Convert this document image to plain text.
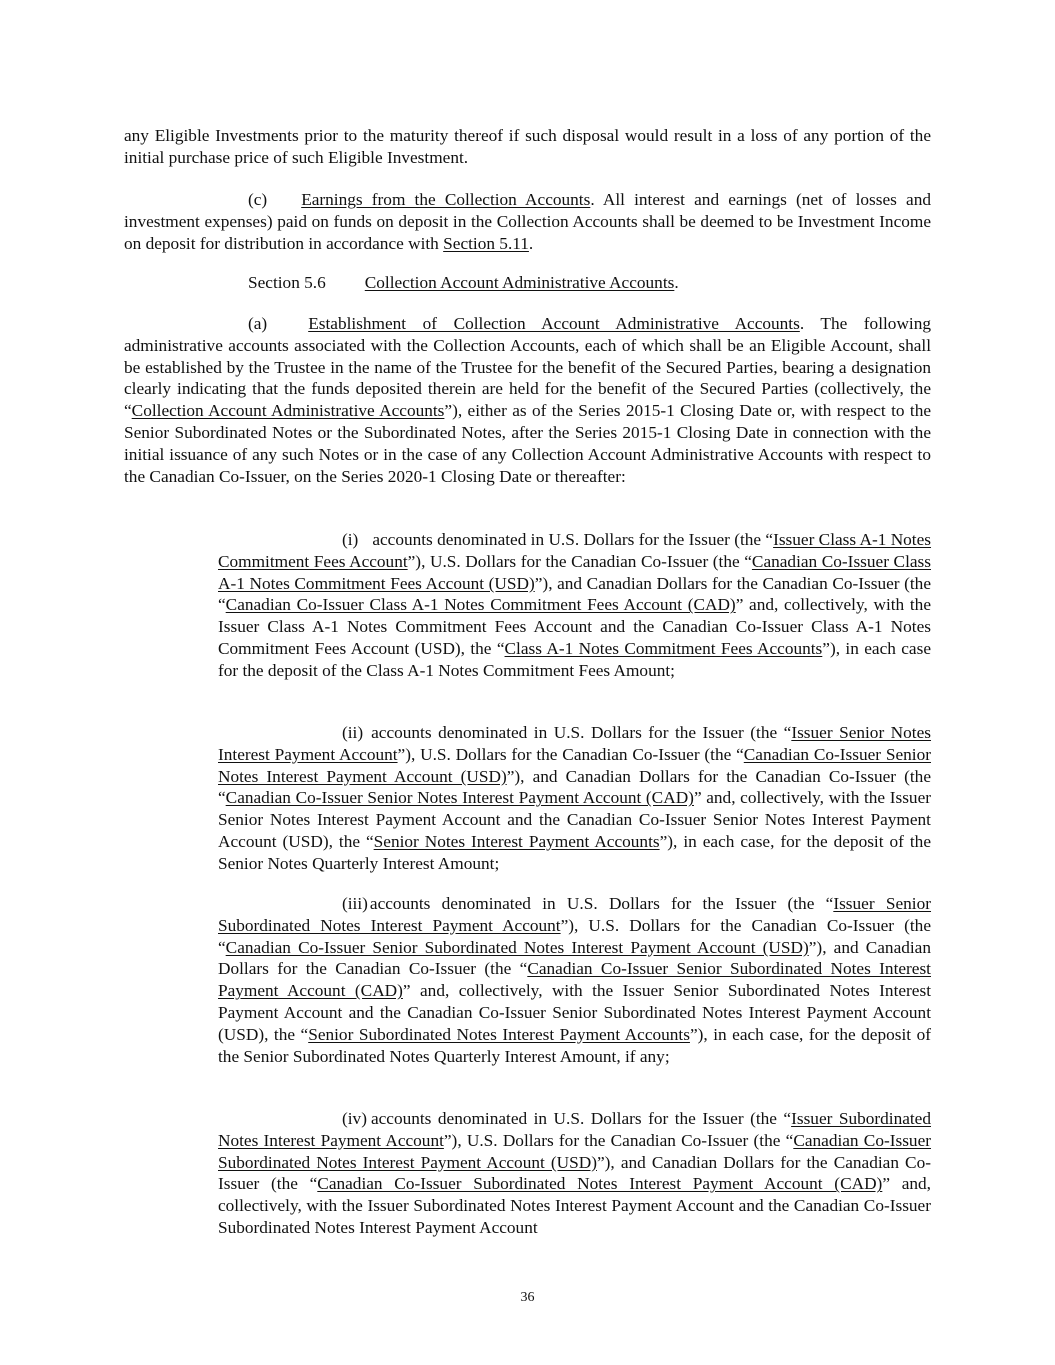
any Eligible Investments prior to the maturity thereof if such disposal would result in a loss of any portion of the initial purchase price of such Eligible Investment.

(c) Earnings from the Collection Accounts. All interest and earnings (net of losses and investment expenses) paid on funds on deposit in the Collection Accounts shall be deemed to be Investment Income on deposit for distribution in accordance with Section 5.11.

Section 5.6 Collection Account Administrative Accounts.

(a) Establishment of Collection Account Administrative Accounts. The following administrative accounts associated with the Collection Accounts, each of which shall be an Eligible Account, shall be established by the Trustee in the name of the Trustee for the benefit of the Secured Parties, bearing a designation clearly indicating that the funds deposited therein are held for the benefit of the Secured Parties (collectively, the “Collection Account Administrative Accounts”), either as of the Series 2015-1 Closing Date or, with respect to the Senior Subordinated Notes or the Subordinated Notes, after the Series 2015-1 Closing Date in connection with the initial issuance of any such Notes or in the case of any Collection Account Administrative Accounts with respect to the Canadian Co-Issuer, on the Series 2020-1 Closing Date or thereafter:

(i) accounts denominated in U.S. Dollars for the Issuer (the “Issuer Class A-1 Notes Commitment Fees Account”), U.S. Dollars for the Canadian Co-Issuer (the “Canadian Co-Issuer Class A-1 Notes Commitment Fees Account (USD)”), and Canadian Dollars for the Canadian Co-Issuer (the “Canadian Co-Issuer Class A-1 Notes Commitment Fees Account (CAD)” and, collectively, with the Issuer Class A-1 Notes Commitment Fees Account and the Canadian Co-Issuer Class A-1 Notes Commitment Fees Account (USD), the “Class A-1 Notes Commitment Fees Accounts”), in each case for the deposit of the Class A-1 Notes Commitment Fees Amount;

(ii) accounts denominated in U.S. Dollars for the Issuer (the “Issuer Senior Notes Interest Payment Account”), U.S. Dollars for the Canadian Co-Issuer (the “Canadian Co-Issuer Senior Notes Interest Payment Account (USD)”), and Canadian Dollars for the Canadian Co-Issuer (the “Canadian Co-Issuer Senior Notes Interest Payment Account (CAD)” and, collectively, with the Issuer Senior Notes Interest Payment Account and the Canadian Co-Issuer Senior Notes Interest Payment Account (USD), the “Senior Notes Interest Payment Accounts”), in each case, for the deposit of the Senior Notes Quarterly Interest Amount;

(iii) accounts denominated in U.S. Dollars for the Issuer (the “Issuer Senior Subordinated Notes Interest Payment Account”), U.S. Dollars for the Canadian Co-Issuer (the “Canadian Co-Issuer Senior Subordinated Notes Interest Payment Account (USD)”), and Canadian Dollars for the Canadian Co-Issuer (the “Canadian Co-Issuer Senior Subordinated Notes Interest Payment Account (CAD)” and, collectively, with the Issuer Senior Subordinated Notes Interest Payment Account and the Canadian Co-Issuer Senior Subordinated Notes Interest Payment Account (USD), the “Senior Subordinated Notes Interest Payment Accounts”), in each case, for the deposit of the Senior Subordinated Notes Quarterly Interest Amount, if any;

(iv) accounts denominated in U.S. Dollars for the Issuer (the “Issuer Subordinated Notes Interest Payment Account”), U.S. Dollars for the Canadian Co-Issuer (the “Canadian Co-Issuer Subordinated Notes Interest Payment Account (USD)”), and Canadian Dollars for the Canadian Co-Issuer (the “Canadian Co-Issuer Subordinated Notes Interest Payment Account (CAD)” and, collectively, with the Issuer Subordinated Notes Interest Payment Account and the Canadian Co-Issuer Subordinated Notes Interest Payment Account

36
